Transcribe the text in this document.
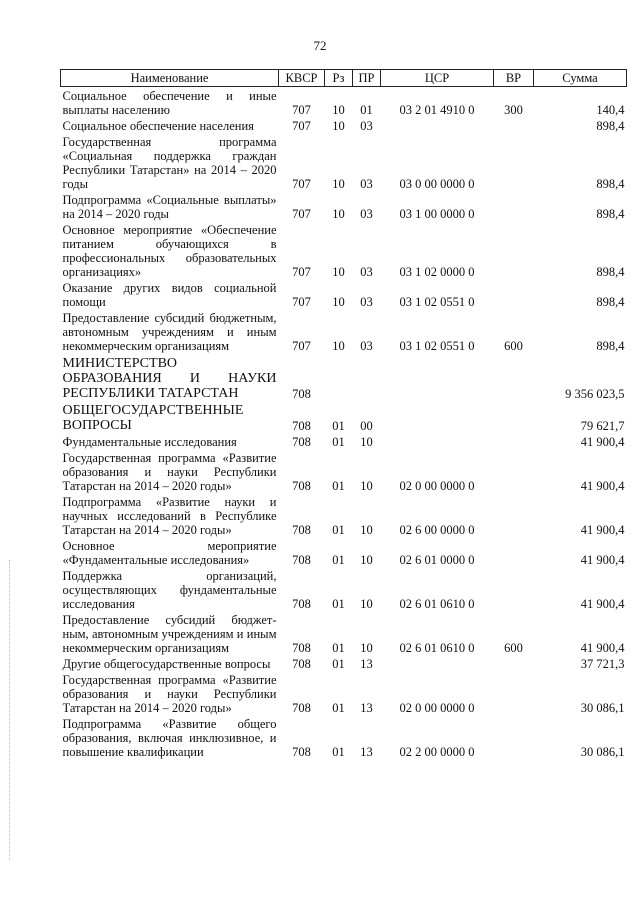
72
Наименование	КВСР	Рз	ПР	ЦСР	ВР	Сумма
Социальное обеспечение и иные выплаты населению	707	10	01	03 2 01 4910 0	300	140,4
Социальное обеспечение населения	707	10	03			898,4
Государственная программа «Социальная поддержка граждан Республики Татарстан» на 2014 – 2020 годы	707	10	03	03 0 00 0000 0		898,4
Подпрограмма «Социальные выплаты» на 2014 – 2020 годы	707	10	03	03 1 00 0000 0		898,4
Основное мероприятие «Обеспечение питанием обучающихся в профессиональных образовательных организациях»	707	10	03	03 1 02 0000 0		898,4
Оказание других видов социальной помощи	707	10	03	03 1 02 0551 0		898,4
Предоставление субсидий бюджетным, автономным учреждениям и иным некоммерческим организациям	707	10	03	03 1 02 0551 0	600	898,4
МИНИСТЕРСТВО ОБРАЗОВАНИЯ И НАУКИ РЕСПУБЛИКИ ТАТАРСТАН	708					9 356 023,5
ОБЩЕГОСУДАРСТВЕННЫЕ ВОПРОСЫ	708	01	00			79 621,7
Фундаментальные исследования	708	01	10			41 900,4
Государственная программа «Развитие образования и науки Республики Татарстан на 2014 – 2020 годы»	708	01	10	02 0 00 0000 0		41 900,4
Подпрограмма «Развитие науки и научных исследований в Республике Татарстан на 2014 – 2020 годы»	708	01	10	02 6 00 0000 0		41 900,4
Основное мероприятие «Фундаментальные исследования»	708	01	10	02 6 01 0000 0		41 900,4
Поддержка организаций, осуществляющих фундаментальные исследования	708	01	10	02 6 01 0610 0		41 900,4
Предоставление субсидий бюджет- ным, автономным учреждениям и иным некоммерческим организациям	708	01	10	02 6 01 0610 0	600	41 900,4
Другие общегосударственные вопросы	708	01	13			37 721,3
Государственная программа «Развитие образования и науки Республики Татарстан на 2014 – 2020 годы»	708	01	13	02 0 00 0000 0		30 086,1
Подпрограмма «Развитие общего образования, включая инклюзивное, и повышение квалификации	708	01	13	02 2 00 0000 0		30 086,1
